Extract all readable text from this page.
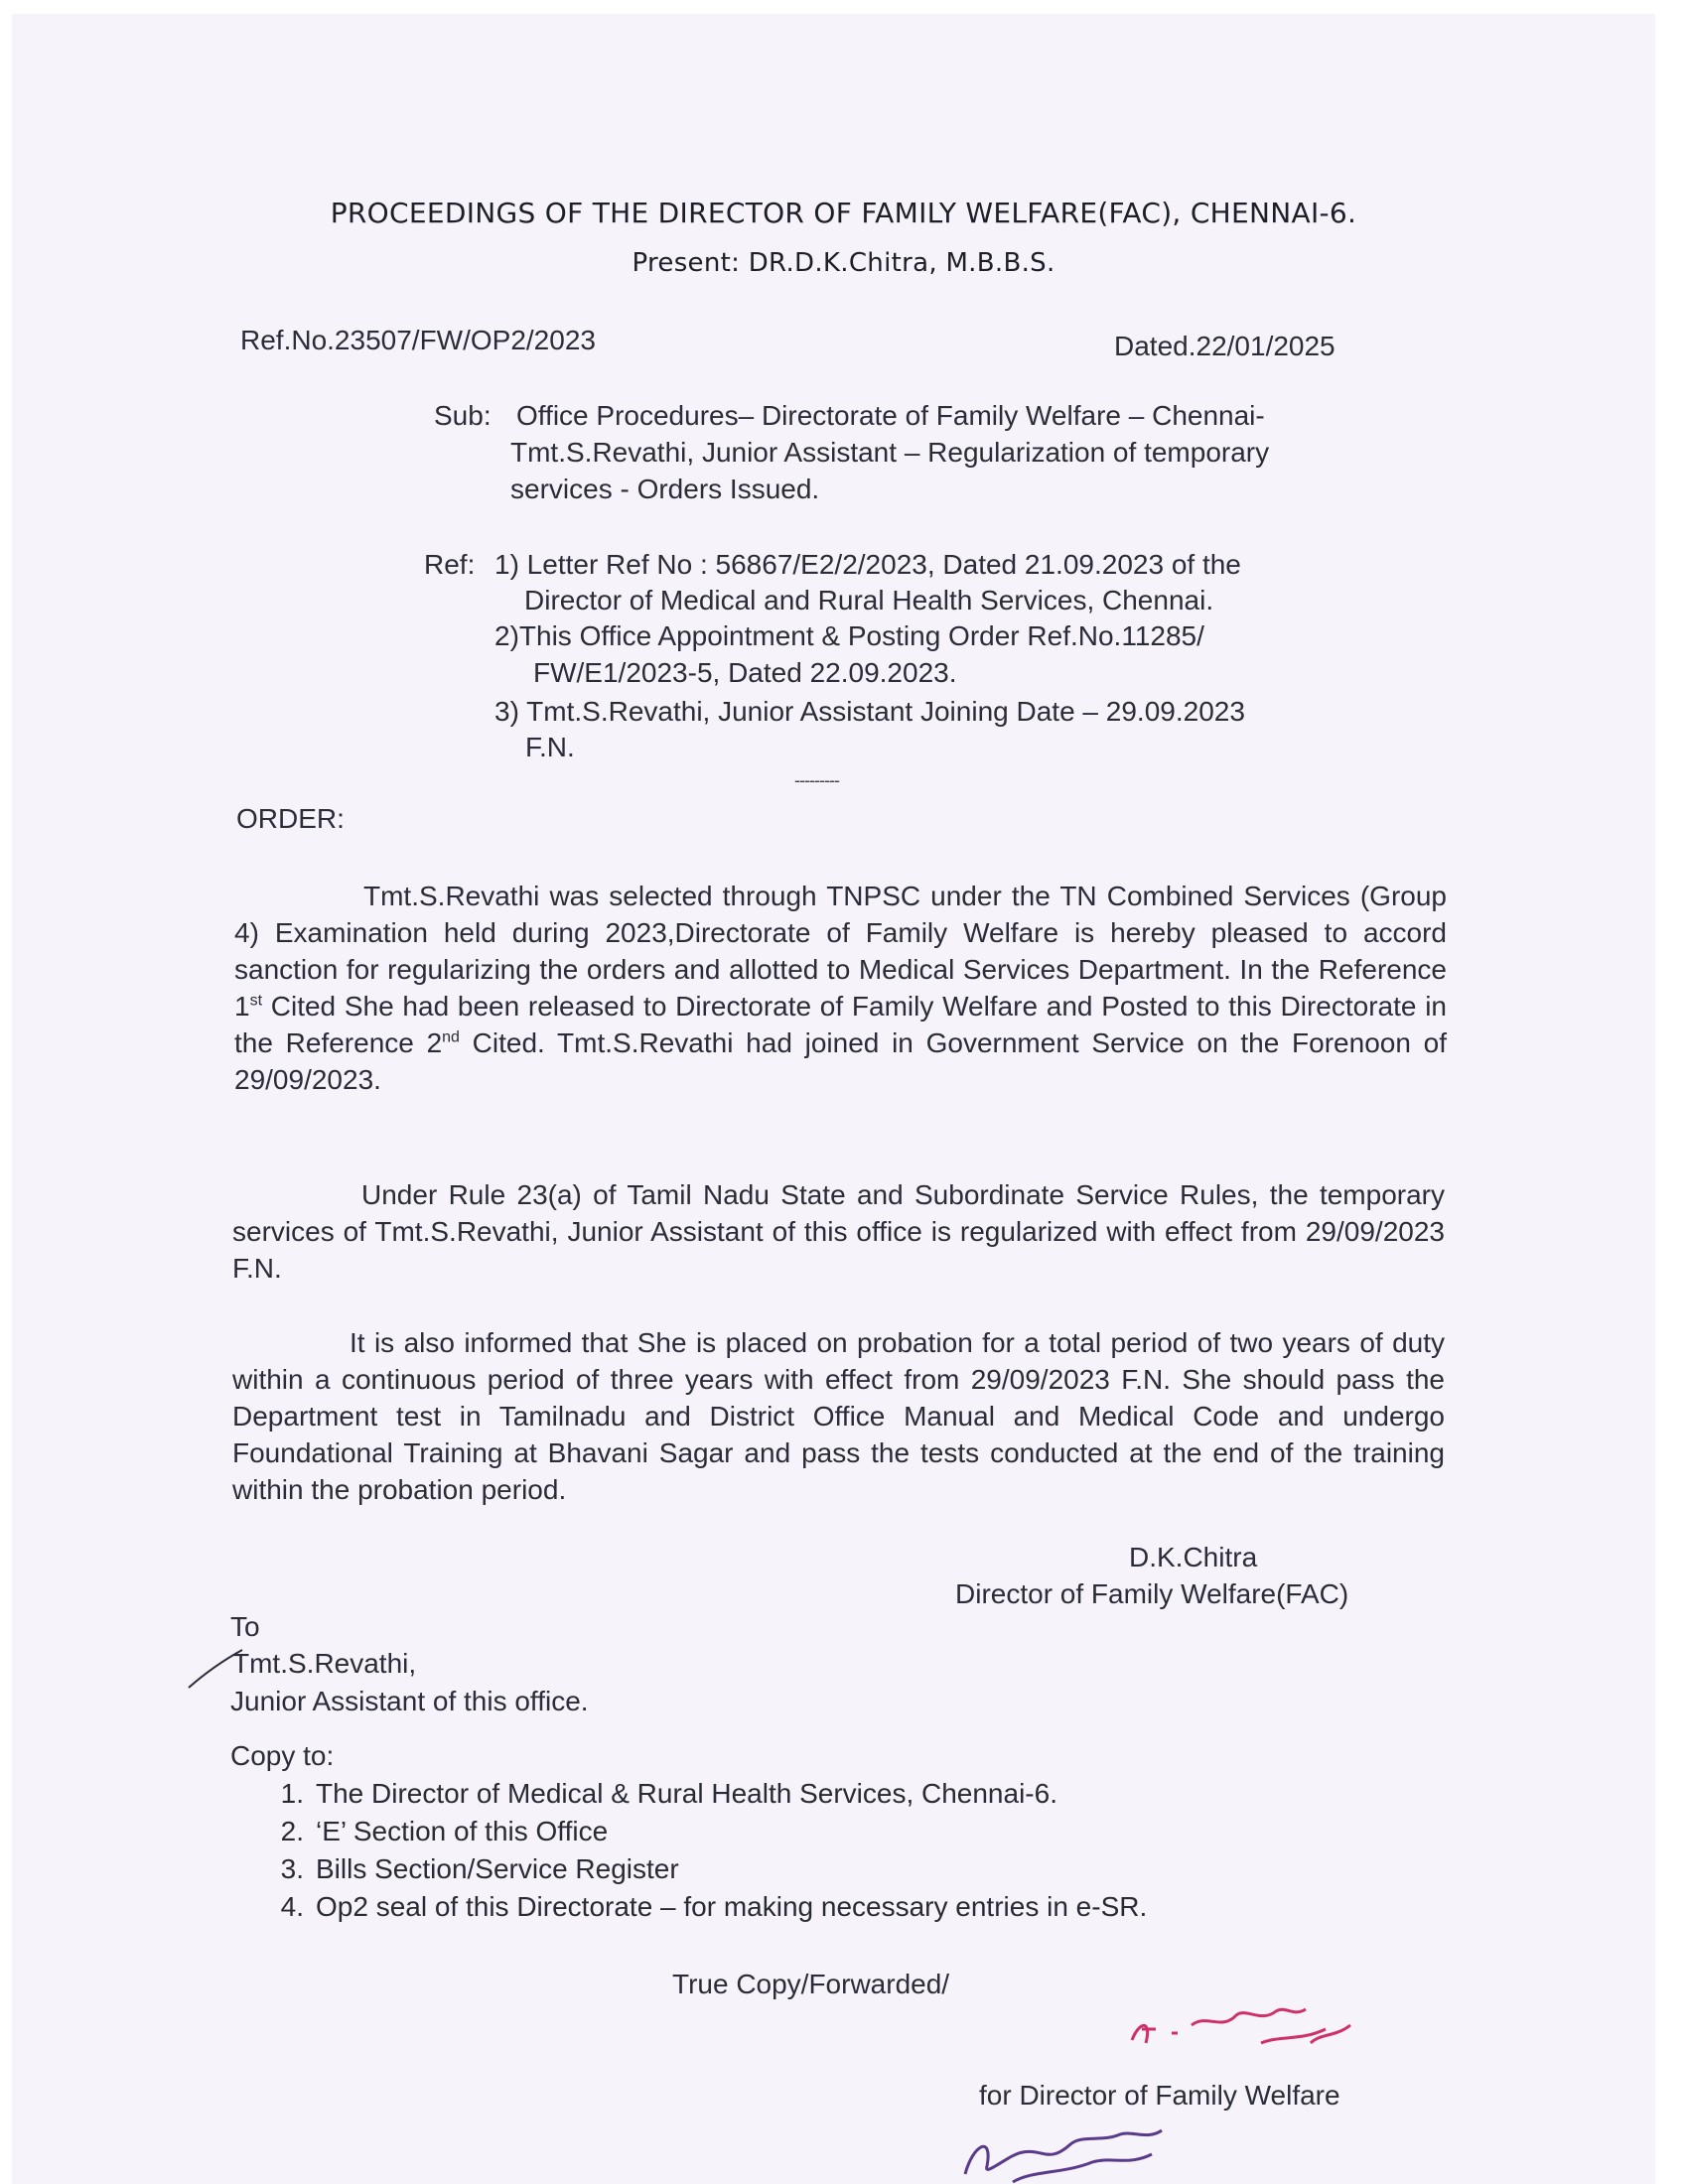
PROCEEDINGS OF THE DIRECTOR OF FAMILY WELFARE(FAC), CHENNAI-6.
Present: DR.D.K.Chitra, M.B.B.S.
Ref.No.23507/FW/OP2/2023	Dated.22/01/2025
Sub: Office Procedures– Directorate of Family Welfare – Chennai-
Tmt.S.Revathi, Junior Assistant – Regularization of temporary
services - Orders Issued.
Ref: 1) Letter Ref No : 56867/E2/2/2023, Dated 21.09.2023 of the
Director of Medical and Rural Health Services, Chennai.
2)This Office Appointment & Posting Order Ref.No.11285/
FW/E1/2023-5, Dated 22.09.2023.
3) Tmt.S.Revathi, Junior Assistant Joining Date – 29.09.2023
F.N.
---------
ORDER:
Tmt.S.Revathi was selected through TNPSC under the TN Combined Services (Group 4) Examination held during 2023,Directorate of Family Welfare is hereby pleased to accord sanction for regularizing the orders and allotted to Medical Services Department. In the Reference 1st Cited She had been released to Directorate of Family Welfare and Posted to this Directorate in the Reference 2nd Cited. Tmt.S.Revathi had joined in Government Service on the Forenoon of 29/09/2023.
Under Rule 23(a) of Tamil Nadu State and Subordinate Service Rules, the temporary services of Tmt.S.Revathi, Junior Assistant of this office is regularized with effect from 29/09/2023 F.N.
It is also informed that She is placed on probation for a total period of two years of duty within a continuous period of three years with effect from 29/09/2023 F.N. She should pass the Department test in Tamilnadu and District Office Manual and Medical Code and undergo Foundational Training at Bhavani Sagar and pass the tests conducted at the end of the training within the probation period.
D.K.Chitra
Director of Family Welfare(FAC)
To
Tmt.S.Revathi,
Junior Assistant of this office.
Copy to:
1. The Director of Medical & Rural Health Services, Chennai-6.
2. ‘E’ Section of this Office
3. Bills Section/Service Register
4. Op2 seal of this Directorate – for making necessary entries in e-SR.
True Copy/Forwarded/
for Director of Family Welfare
